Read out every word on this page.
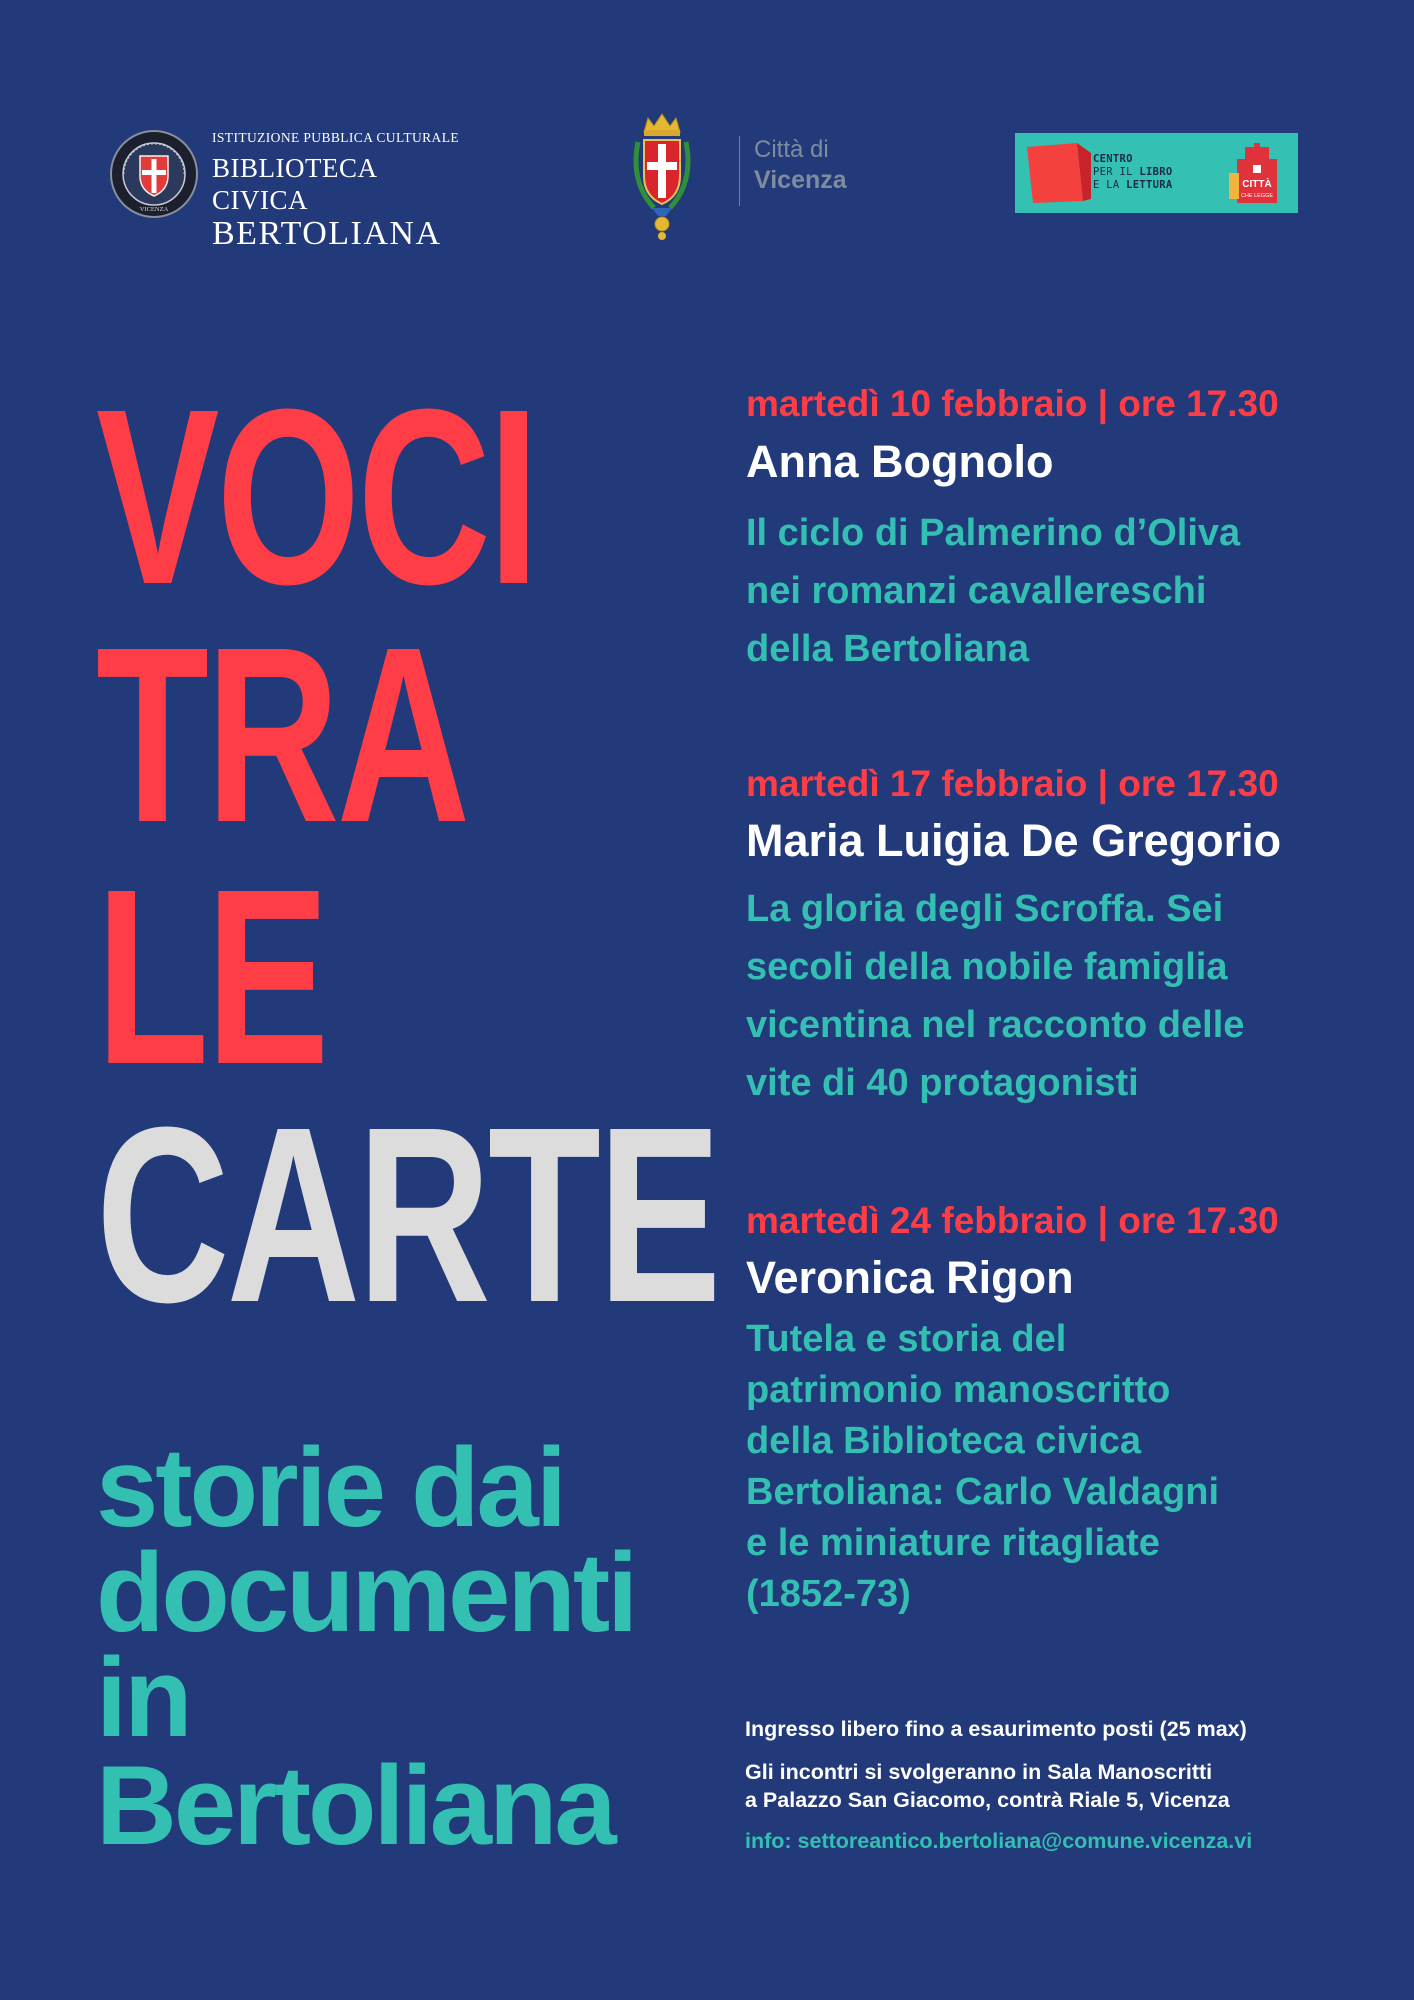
VICENZA
ISTITUZIONE PUBBLICA CULTURALE
BIBLIOTECA CIVICA
BERTOLIANA
Città di
Vicenza
CENTRO
PER IL LIBRO
E LA LETTURA	CITTÀ
CHE LEGGE
VOCI
TRA
LE
CARTE
storie dai
documenti
in
Bertoliana
martedì 10 febbraio | ore 17.30
Anna Bognolo
Il ciclo di Palmerino d’Oliva
nei romanzi cavallereschi
della Bertoliana
martedì 17 febbraio | ore 17.30
Maria Luigia De Gregorio
La gloria degli Scroffa. Sei
secoli della nobile famiglia
vicentina nel racconto delle
vite di 40 protagonisti
martedì 24 febbraio | ore 17.30
Veronica Rigon
Tutela e storia del
patrimonio manoscritto
della Biblioteca civica
Bertoliana: Carlo Valdagni
e le miniature ritagliate
(1852-73)
Ingresso libero fino a esaurimento posti (25 max)
Gli incontri si svolgeranno in Sala Manoscritti
a Palazzo San Giacomo, contrà Riale 5, Vicenza
info: settoreantico.bertoliana@comune.vicenza.vi
